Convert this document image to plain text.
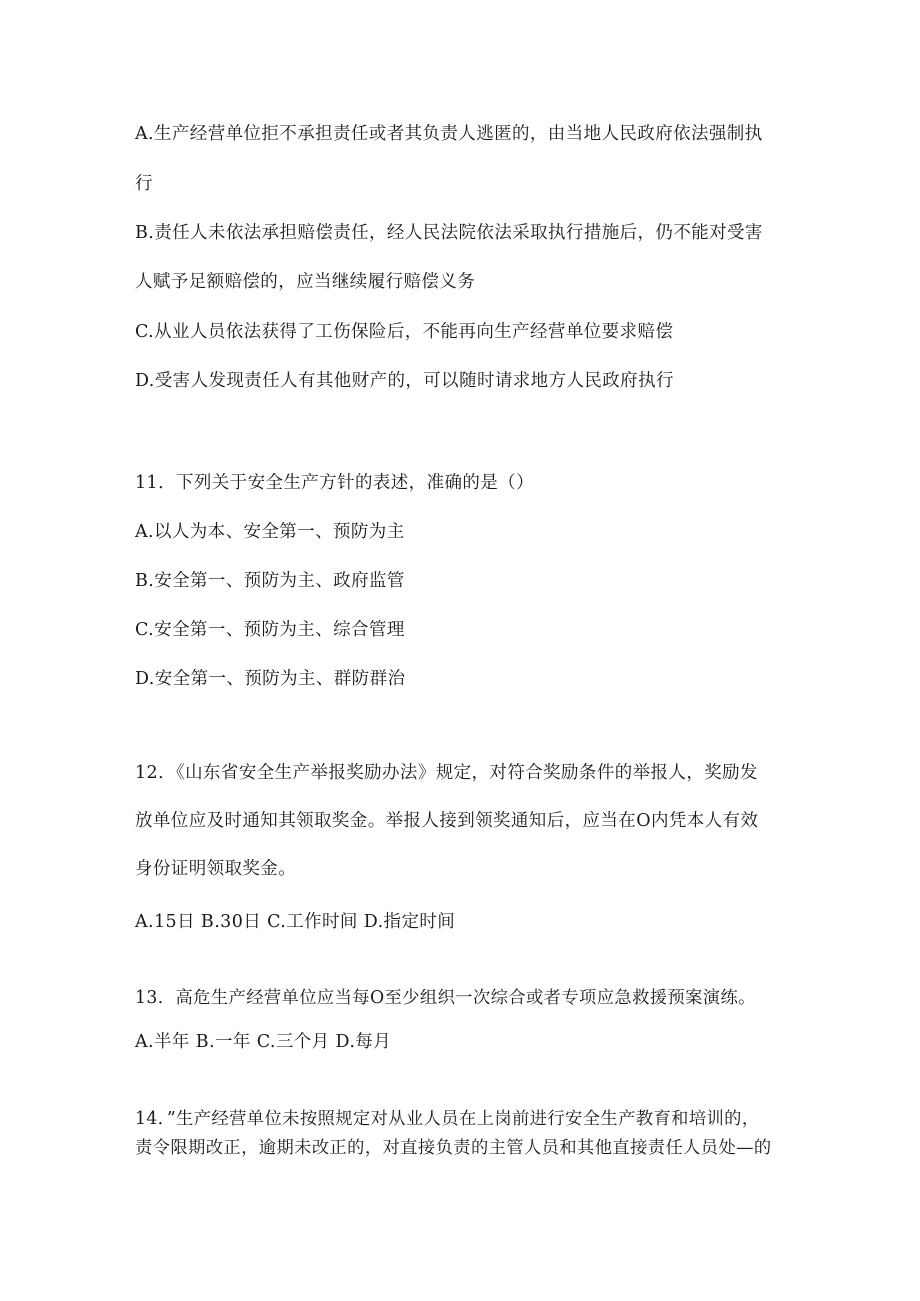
A.生产经营单位拒不承担责任或者其负责人逃匿的，由当地人民政府依法强制执
行
B.责任人未依法承担赔偿责任，经人民法院依法采取执行措施后，仍不能对受害
人赋予足额赔偿的，应当继续履行赔偿义务
C.从业人员依法获得了工伤保险后，不能再向生产经营单位要求赔偿
D.受害人发现责任人有其他财产的，可以随时请求地方人民政府执行
11．下列关于安全生产方针的表述，准确的是（）
A.以人为本、安全第一、预防为主
B.安全第一、预防为主、政府监管
C.安全第一、预防为主、综合管理
D.安全第一、预防为主、群防群治
12．《山东省安全生产举报奖励办法》规定，对符合奖励条件的举报人，奖励发
放单位应及时通知其领取奖金。举报人接到领奖通知后，应当在O内凭本人有效
身份证明领取奖金。
A.15日 B.30日 C.工作时间 D.指定时间
13．高危生产经营单位应当每O至少组织一次综合或者专项应急救援预案演练。
A.半年 B.一年 C.三个月 D.每月
14．”生产经营单位未按照规定对从业人员在上岗前进行安全生产教育和培训的，
责令限期改正，逾期未改正的，对直接负责的主管人员和其他直接责任人员处—的
